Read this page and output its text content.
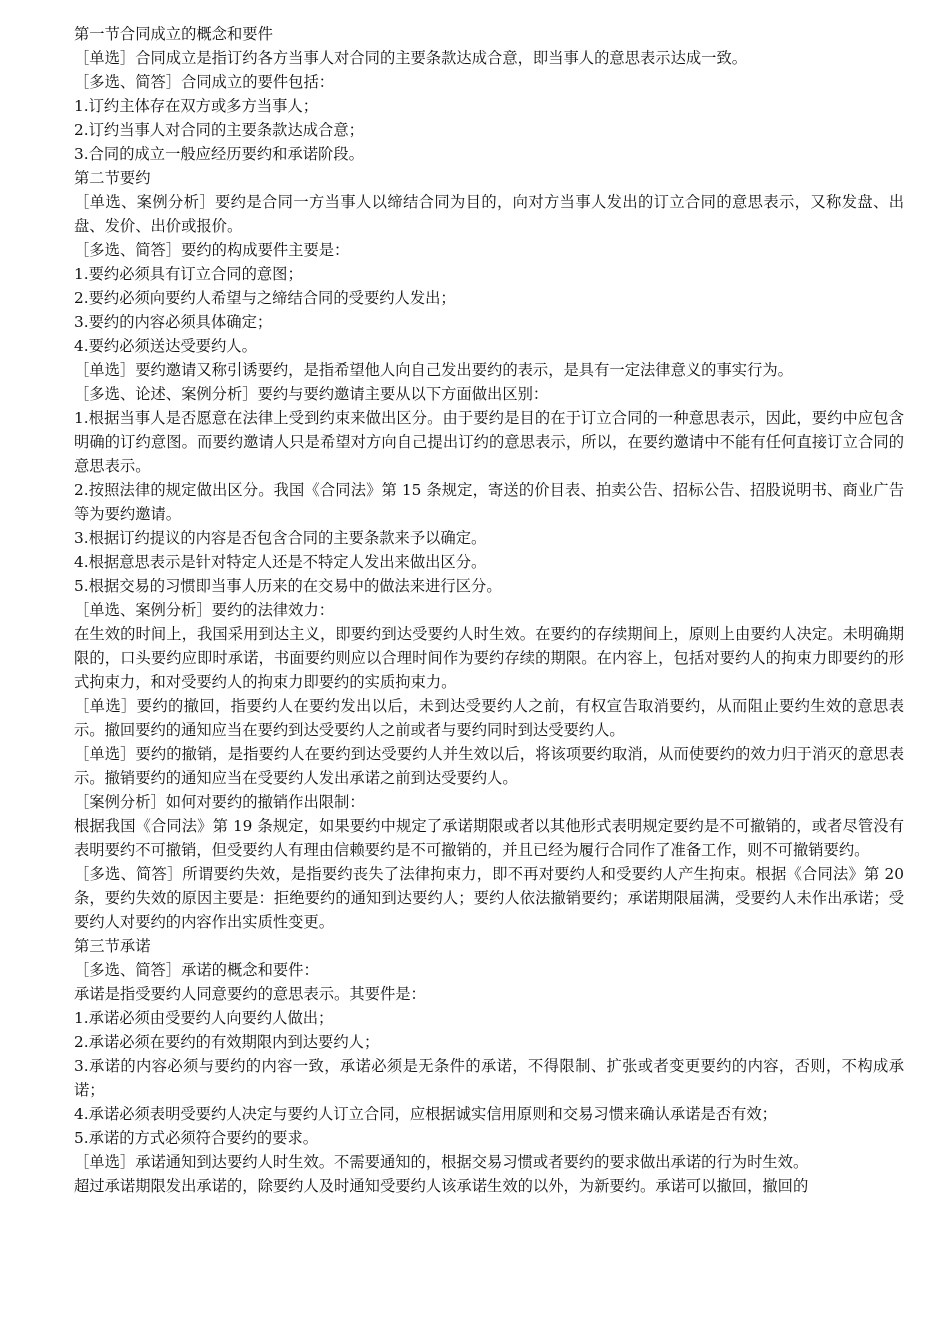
第一节合同成立的概念和要件

［单选］合同成立是指订约各方当事人对合同的主要条款达成合意，即当事人的意思表示达成一致。

［多选、简答］合同成立的要件包括：

1.订约主体存在双方或多方当事人；

2.订约当事人对合同的主要条款达成合意；

3.合同的成立一般应经历要约和承诺阶段。

第二节要约

［单选、案例分析］要约是合同一方当事人以缔结合同为目的，向对方当事人发出的订立合同的意思表示，又称发盘、出盘、发价、出价或报价。

［多选、简答］要约的构成要件主要是：

1.要约必须具有订立合同的意图；

2.要约必须向要约人希望与之缔结合同的受要约人发出；

3.要约的内容必须具体确定；

4.要约必须送达受要约人。

［单选］要约邀请又称引诱要约，是指希望他人向自己发出要约的表示，是具有一定法律意义的事实行为。

［多选、论述、案例分析］要约与要约邀请主要从以下方面做出区别：

1.根据当事人是否愿意在法律上受到约束来做出区分。由于要约是目的在于订立合同的一种意思表示，因此，要约中应包含明确的订约意图。而要约邀请人只是希望对方向自己提出订约的意思表示，所以，在要约邀请中不能有任何直接订立合同的意思表示。

2.按照法律的规定做出区分。我国《合同法》第 15 条规定，寄送的价目表、拍卖公告、招标公告、招股说明书、商业广告等为要约邀请。

3.根据订约提议的内容是否包含合同的主要条款来予以确定。

4.根据意思表示是针对特定人还是不特定人发出来做出区分。

5.根据交易的习惯即当事人历来的在交易中的做法来进行区分。

［单选、案例分析］要约的法律效力：

在生效的时间上，我国采用到达主义，即要约到达受要约人时生效。在要约的存续期间上，原则上由要约人决定。未明确期限的，口头要约应即时承诺，书面要约则应以合理时间作为要约存续的期限。在内容上，包括对要约人的拘束力即要约的形式拘束力，和对受要约人的拘束力即要约的实质拘束力。

［单选］要约的撤回，指要约人在要约发出以后，未到达受要约人之前，有权宣告取消要约，从而阻止要约生效的意思表示。撤回要约的通知应当在要约到达受要约人之前或者与要约同时到达受要约人。

［单选］要约的撤销，是指要约人在要约到达受要约人并生效以后，将该项要约取消，从而使要约的效力归于消灭的意思表示。撤销要约的通知应当在受要约人发出承诺之前到达受要约人。

［案例分析］如何对要约的撤销作出限制：

根据我国《合同法》第 19 条规定，如果要约中规定了承诺期限或者以其他形式表明规定要约是不可撤销的，或者尽管没有表明要约不可撤销，但受要约人有理由信赖要约是不可撤销的，并且已经为履行合同作了准备工作，则不可撤销要约。

［多选、简答］所谓要约失效，是指要约丧失了法律拘束力，即不再对要约人和受要约人产生拘束。根据《合同法》第 20 条，要约失效的原因主要是：拒绝要约的通知到达要约人；要约人依法撤销要约；承诺期限届满，受要约人未作出承诺；受要约人对要约的内容作出实质性变更。

第三节承诺

［多选、简答］承诺的概念和要件：

承诺是指受要约人同意要约的意思表示。其要件是：

1.承诺必须由受要约人向要约人做出；

2.承诺必须在要约的有效期限内到达要约人；

3.承诺的内容必须与要约的内容一致，承诺必须是无条件的承诺，不得限制、扩张或者变更要约的内容，否则，不构成承诺；

4.承诺必须表明受要约人决定与要约人订立合同，应根据诚实信用原则和交易习惯来确认承诺是否有效；

5.承诺的方式必须符合要约的要求。

［单选］承诺通知到达要约人时生效。不需要通知的，根据交易习惯或者要约的要求做出承诺的行为时生效。

超过承诺期限发出承诺的，除要约人及时通知受要约人该承诺生效的以外，为新要约。承诺可以撤回，撤回的
